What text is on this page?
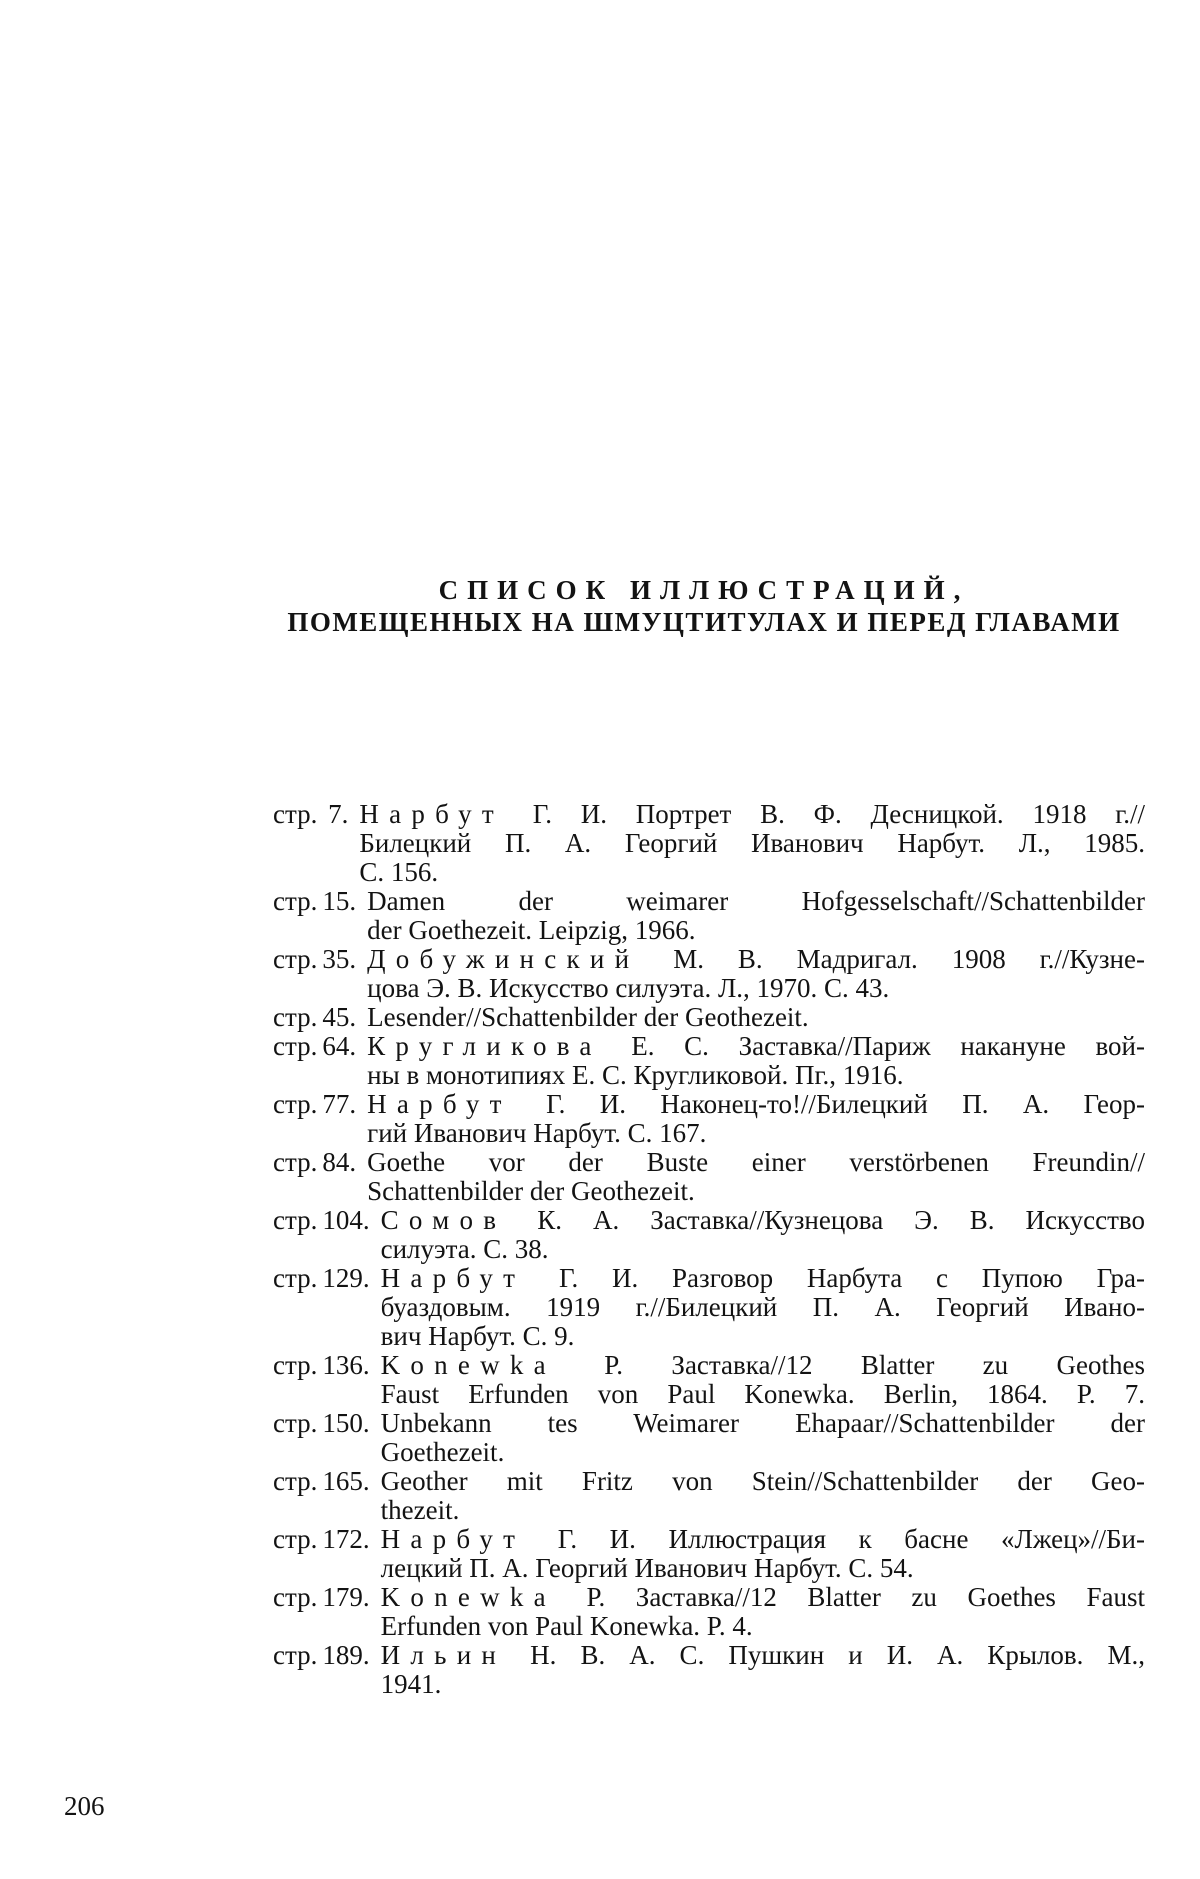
СПИСОК ИЛЛЮСТРАЦИЙ,
ПОМЕЩЕННЫХ НА ШМУЦТИТУЛАХ И ПЕРЕД ГЛАВАМИ
стр. 7. Нарбут Г. И. Портрет В. Ф. Десницкой. 1918 г.//
Билецкий П. А. Георгий Иванович Нарбут. Л., 1985.
С. 156.
стр. 15. Damen der weimarer Hofgesselschaft//Schattenbilder
der Goethezeit. Leipzig, 1966.
стр. 35. Добужинский М. В. Мадригал. 1908 г.//Кузне-
цова Э. В. Искусство силуэта. Л., 1970. С. 43.
стр. 45. Lesender//Schattenbilder der Geothezeit.
стр. 64. Кругликова Е. С. Заставка//Париж накануне вой-
ны в монотипиях Е. С. Кругликовой. Пг., 1916.
стр. 77. Нарбут Г. И. Наконец-то!//Билецкий П. А. Геор-
гий Иванович Нарбут. С. 167.
стр. 84. Goethe vor der Buste einer verstörbenen Freundin//
Schattenbilder der Geothezeit.
стр. 104. Сомов К. А. Заставка//Кузнецова Э. В. Искусство
силуэта. С. 38.
стр. 129. Нарбут Г. И. Разговор Нарбута с Пупою Гра-
буаздовым. 1919 г.//Билецкий П. А. Георгий Ивано-
вич Нарбут. С. 9.
стр. 136. Konewka P. Заставка//12 Blatter zu Geothes
Faust Erfunden von Paul Konewka. Berlin, 1864. P. 7.
стр. 150. Unbekann tes Weimarer Ehapaar//Schattenbilder der
Goethezeit.
стр. 165. Geother mit Fritz von Stein//Schattenbilder der Geo-
thezeit.
стр. 172. Нарбут Г. И. Иллюстрация к басне «Лжец»//Би-
лецкий П. А. Георгий Иванович Нарбут. С. 54.
стр. 179. Konewka P. Заставка//12 Blatter zu Goethes Faust
Erfunden von Paul Konewka. P. 4.
стр. 189. Ильин Н. В. А. С. Пушкин и И. А. Крылов. М.,
1941.
206
